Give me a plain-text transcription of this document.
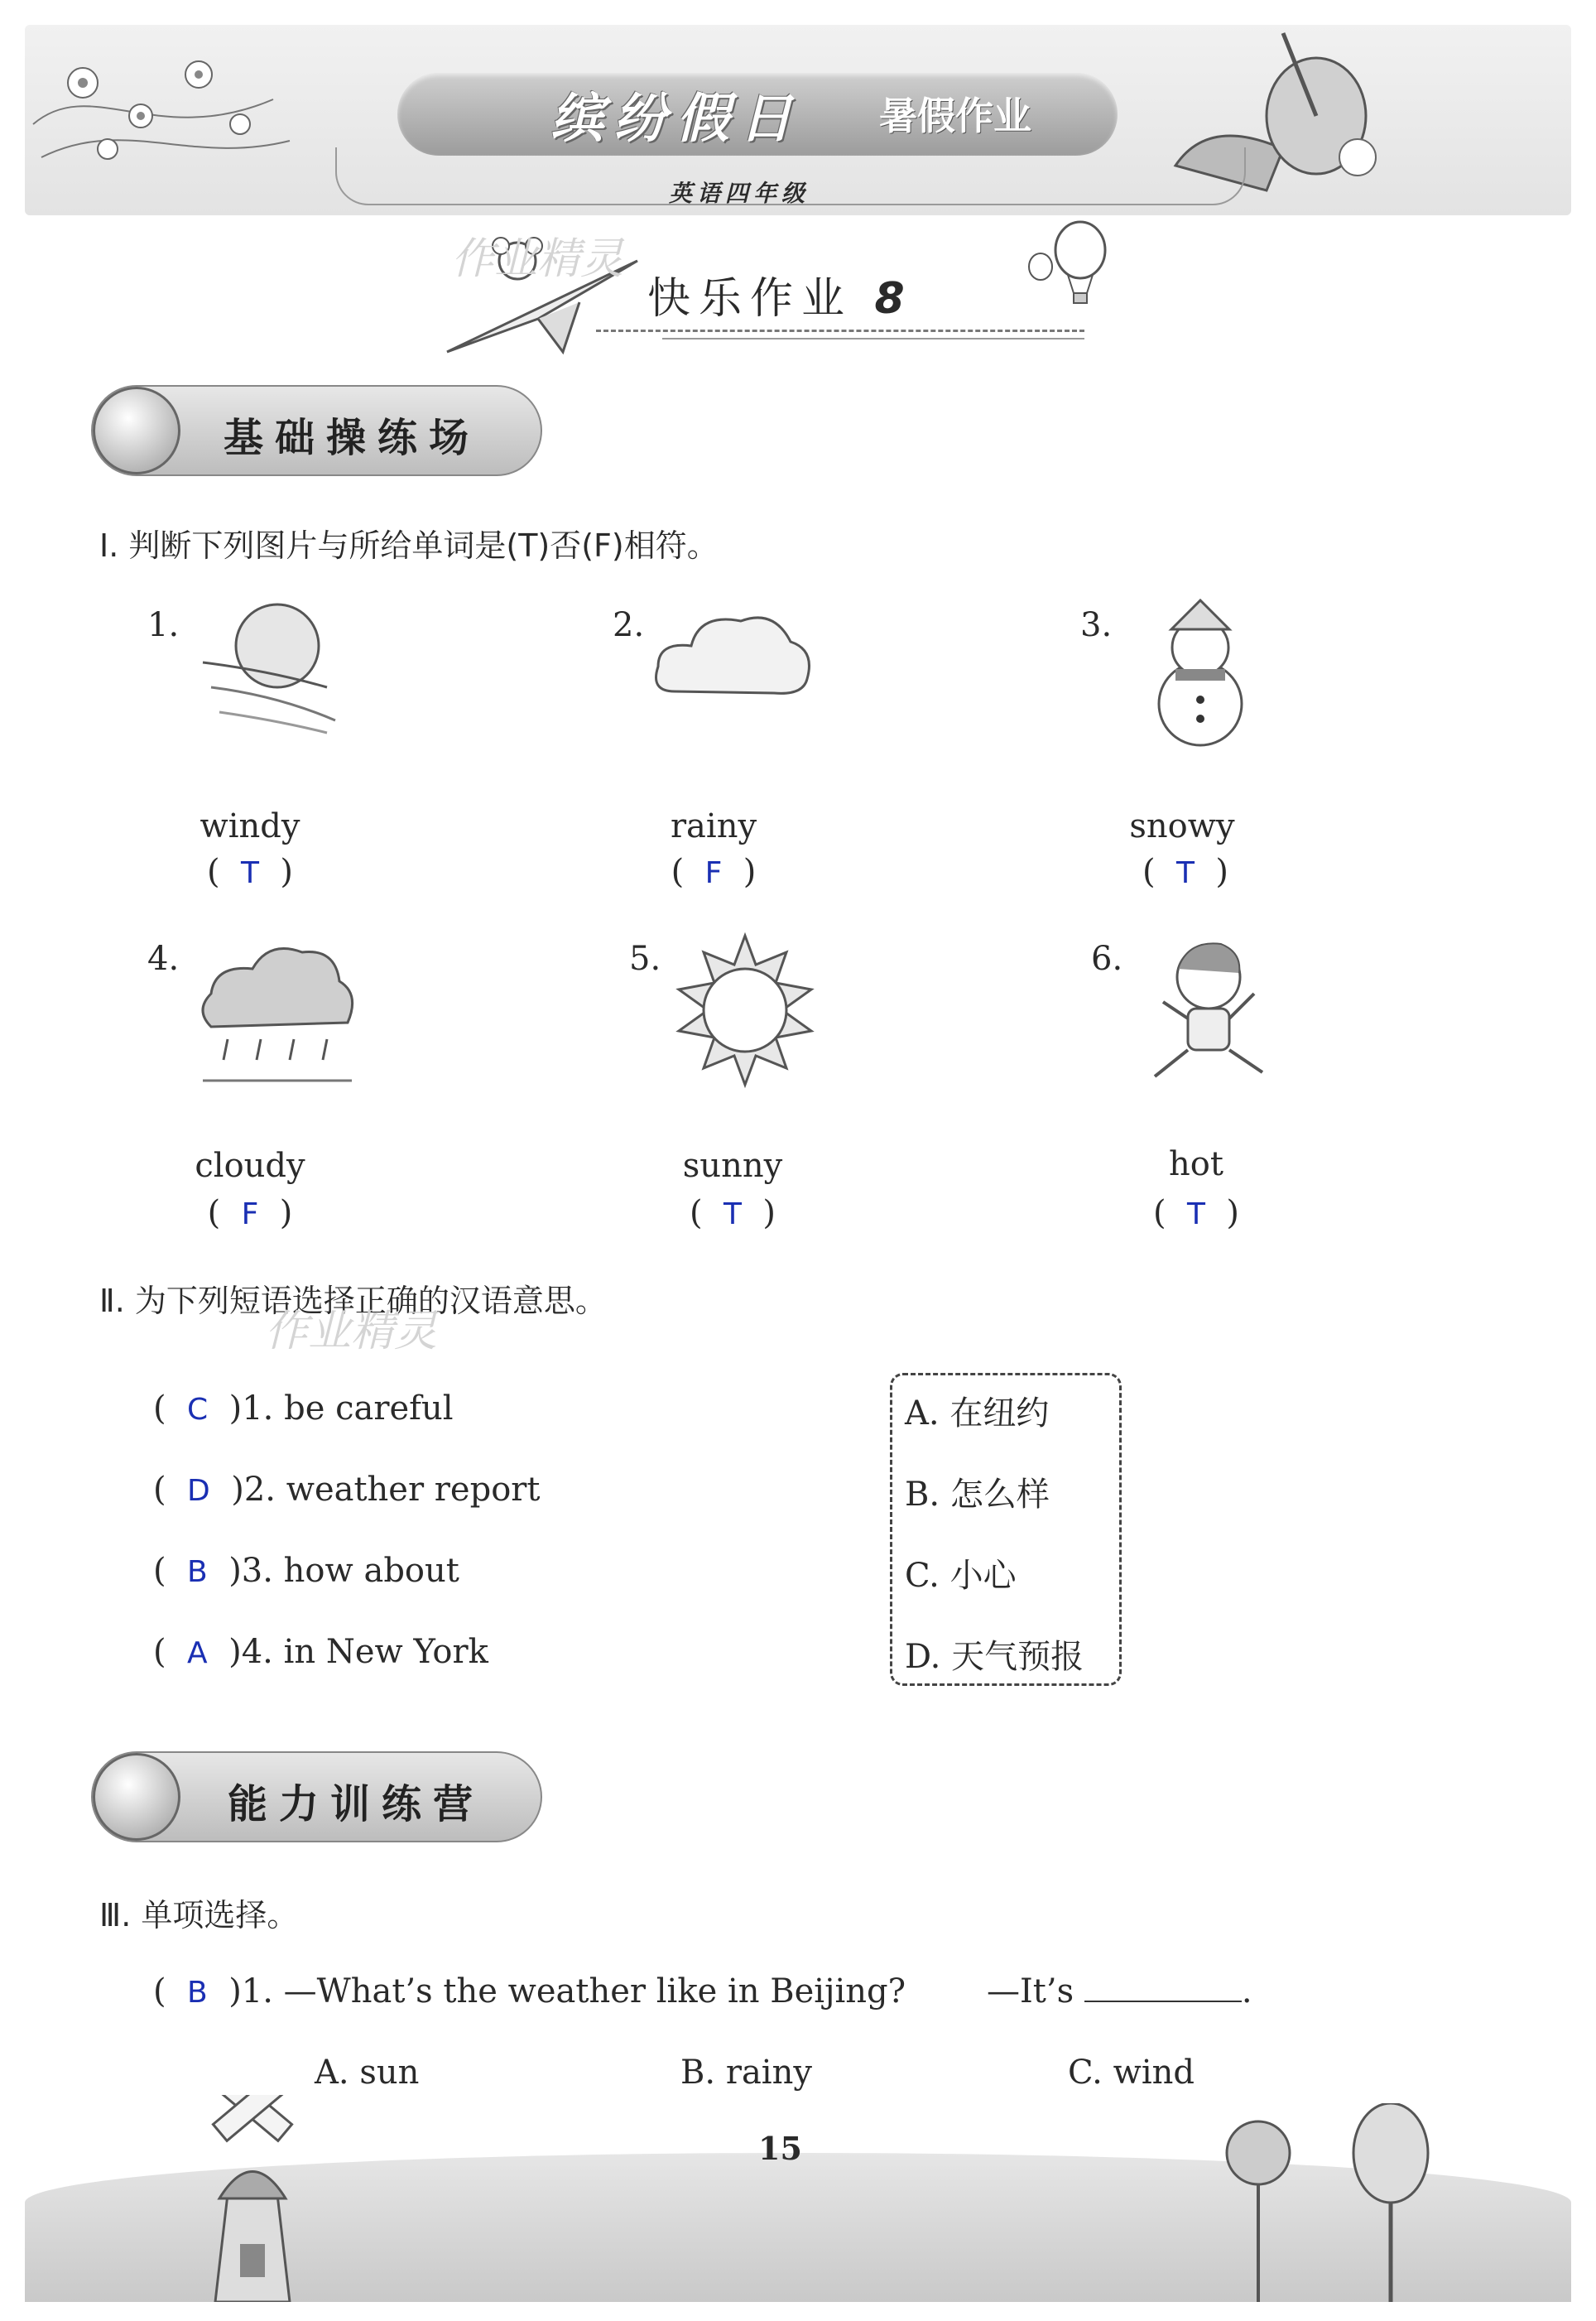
缤纷假日 暑假作业
英语四年级
作业精灵
快乐作业 8
基础操练场
Ⅰ. 判断下列图片与所给单词是(T)否(F)相符。
1.	2.	3.
windy	rainy	snowy
(  T  )	(  F  )	(  T  )
4.	5.	6.
cloudy	sunny	hot
(  F  )	(  T  )	(  T  )
Ⅱ. 为下列短语选择正确的汉语意思。
作业精灵
(  C )1. be careful
(  D )2. weather report
(  B )3. how about
(  A )4. in New York
A. 在纽约
B. 怎么样
C. 小心
D. 天气预报
能力训练营
Ⅲ. 单项选择。
(  B )1. —What’s the weather like in Beijing? —It’s	.
A. sun	B. rainy	C. wind
15
